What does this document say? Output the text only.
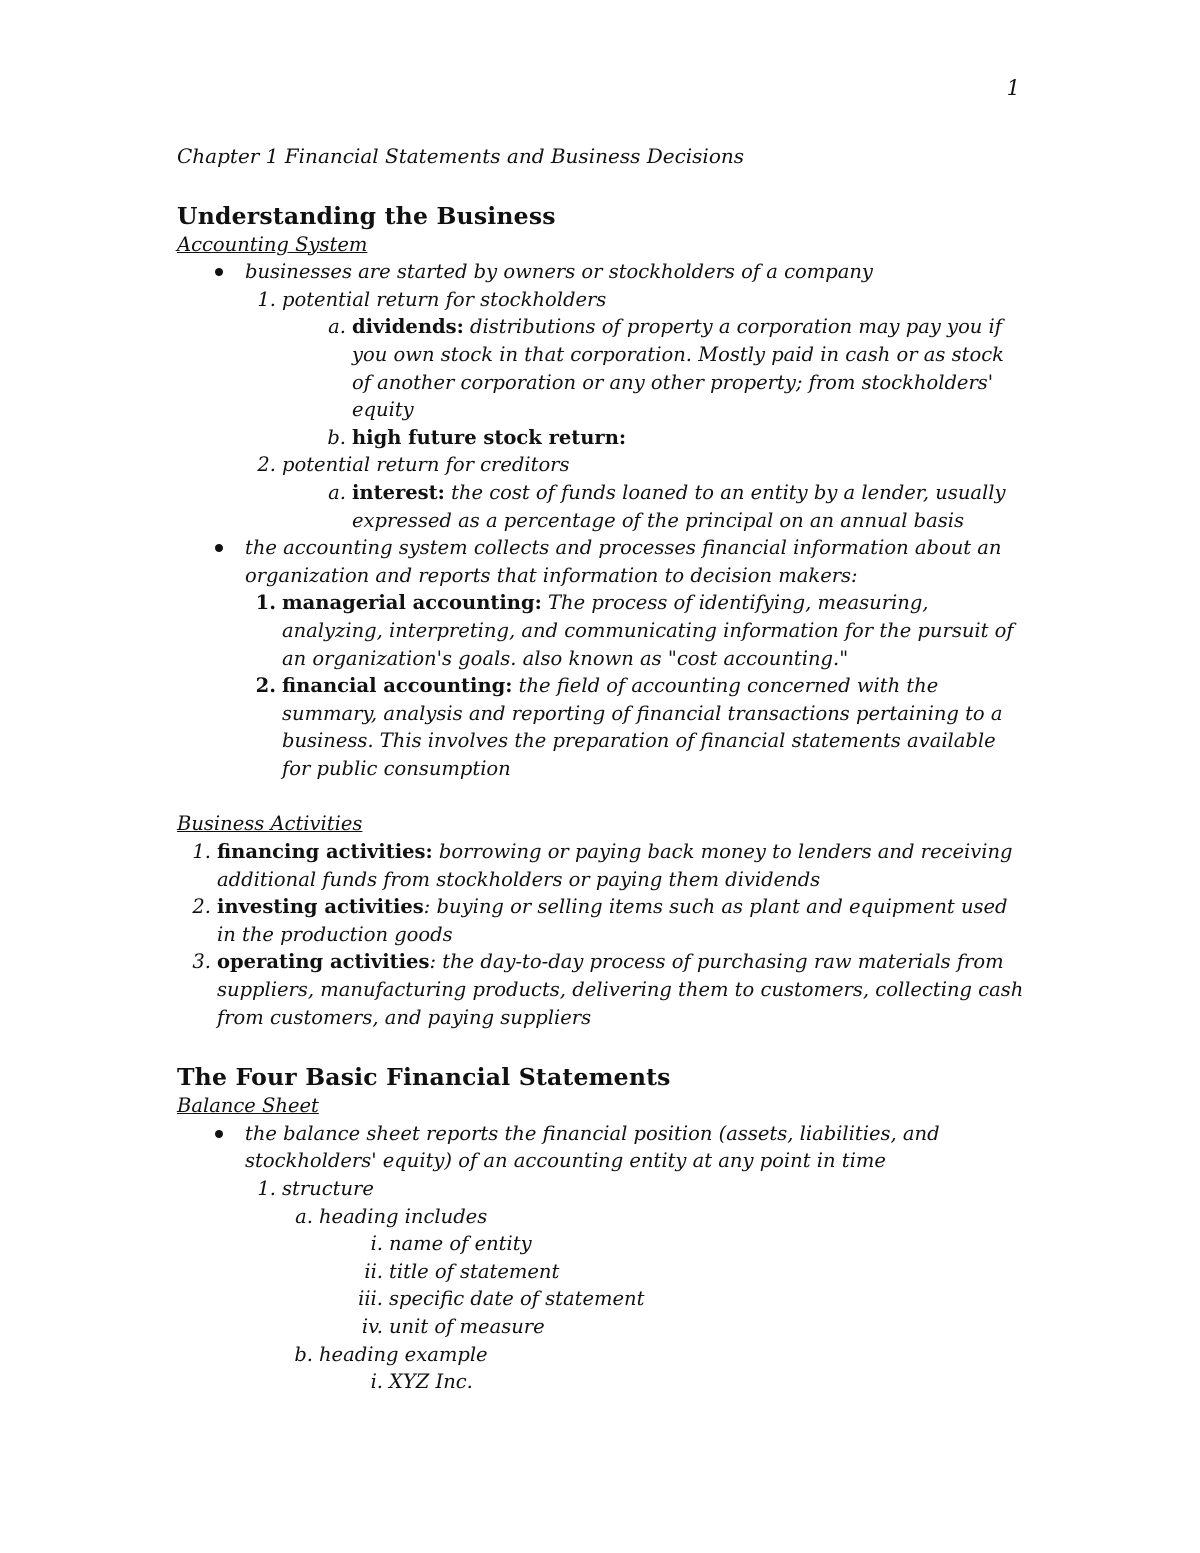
1

Chapter 1 Financial Statements and Business Decisions

Understanding the Business

Accounting System

businesses are started by owners or stockholders of a company
1. potential return for stockholders
a. dividends: distributions of property a corporation may pay you if you own stock in that corporation. Mostly paid in cash or as stock of another corporation or any other property; from stockholders' equity
b. high future stock return:
2. potential return for creditors
a. interest: the cost of funds loaned to an entity by a lender, usually expressed as a percentage of the principal on an annual basis
the accounting system collects and processes financial information about an organization and reports that information to decision makers:
1. managerial accounting: The process of identifying, measuring, analyzing, interpreting, and communicating information for the pursuit of an organization's goals. also known as "cost accounting."
2. financial accounting: the field of accounting concerned with the summary, analysis and reporting of financial transactions pertaining to a business. This involves the preparation of financial statements available for public consumption

Business Activities

1. financing activities: borrowing or paying back money to lenders and receiving additional funds from stockholders or paying them dividends
2. investing activities: buying or selling items such as plant and equipment used in the production goods
3. operating activities: the day-to-day process of purchasing raw materials from suppliers, manufacturing products, delivering them to customers, collecting cash from customers, and paying suppliers
The Four Basic Financial Statements

Balance Sheet

the balance sheet reports the financial position (assets, liabilities, and stockholders' equity) of an accounting entity at any point in time
1. structure
a. heading includes
i. name of entity
ii. title of statement
iii. specific date of statement
iv. unit of measure
b. heading example
i. XYZ Inc.
